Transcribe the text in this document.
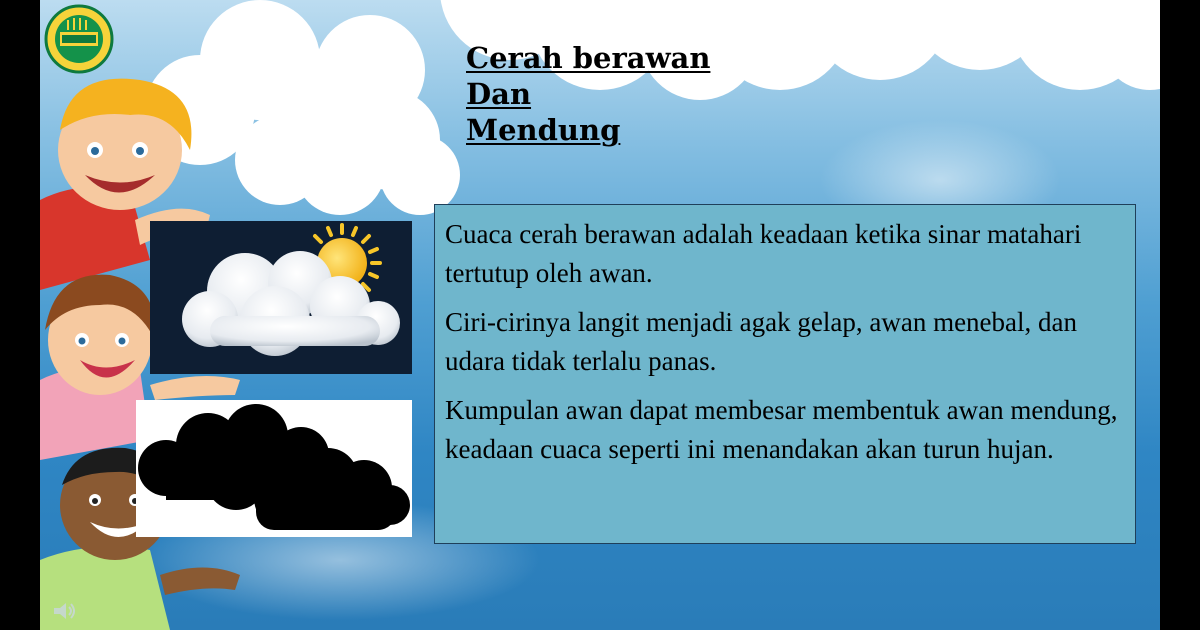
Cerah berawan
Dan
Mendung

Cuaca cerah berawan adalah keadaan ketika sinar matahari tertutup oleh awan.

Ciri-cirinya langit menjadi agak gelap, awan menebal, dan udara tidak terlalu panas.

Kumpulan awan dapat membesar membentuk awan mendung, keadaan cuaca seperti ini menandakan akan turun hujan.
